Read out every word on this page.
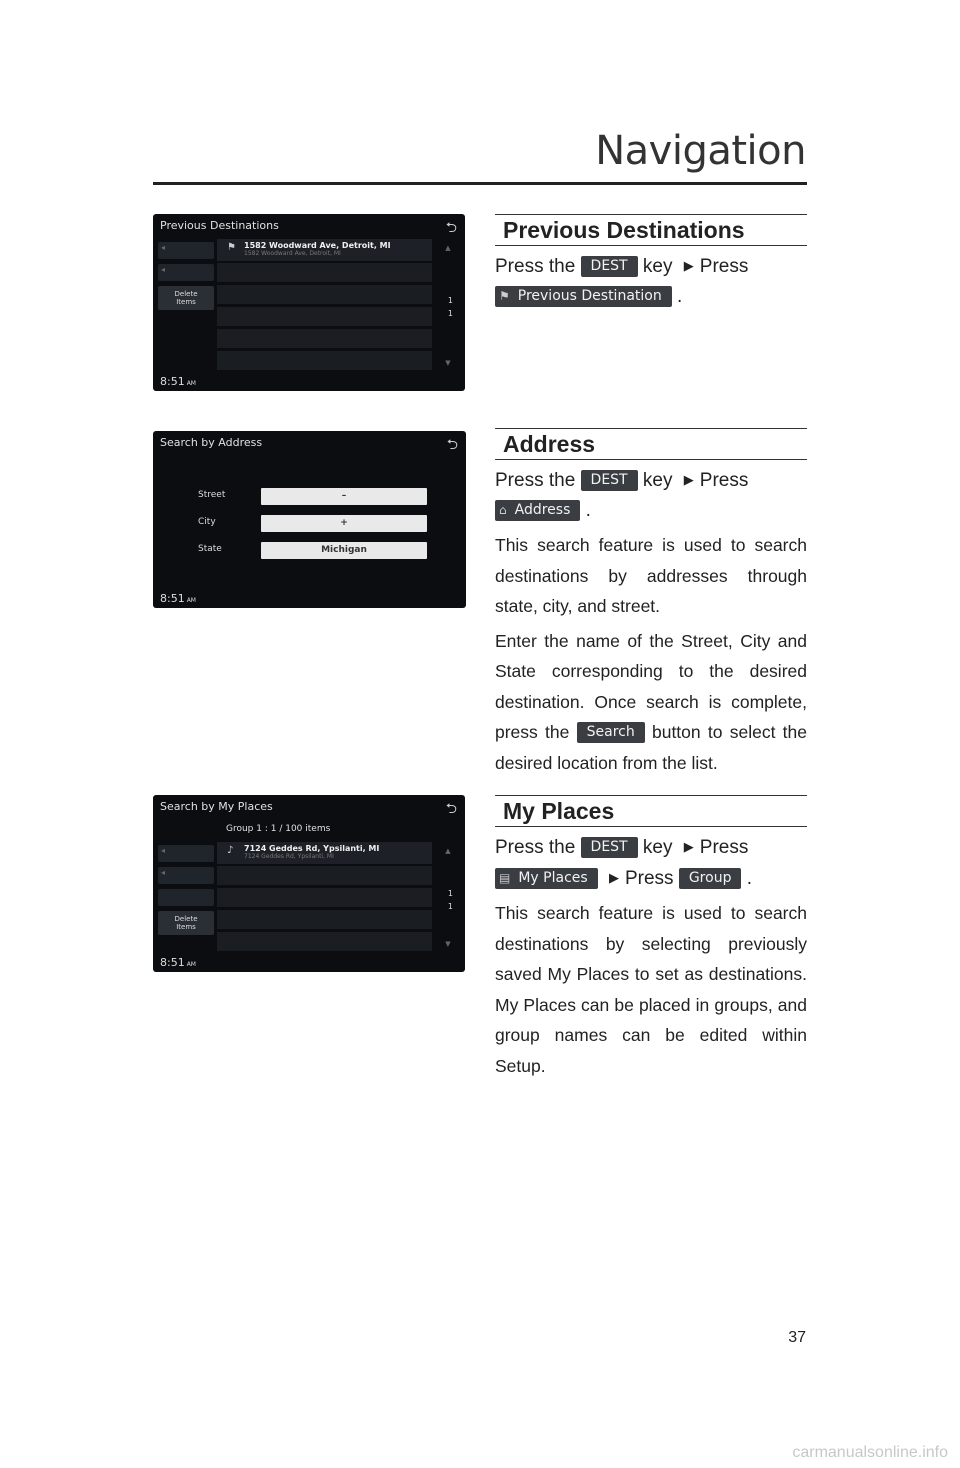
Navigation
Previous Destinations	⮌
◂
◂
Delete
Items
⚑ 1582 Woodward Ave, Detroit, MI
1582 Woodward Ave, Detroit, MI
▲
1
1
▼
8:51 AM
Search by Address	⮌
Street	–
City	+
State	Michigan
8:51 AM
Search by My Places	⮌
Group 1 : 1 / 100 items
◂
◂
Delete
Items
♪ 7124 Geddes Rd, Ypsilanti, MI
7124 Geddes Rd, Ypsilanti, MI
▲
1
1
▼
8:51 AM
Previous Destinations
Press the DEST key ▶ Press
⚑ Previous Destination .
Address
Press the DEST key ▶ Press
⌂ Address .

This search feature is used to search destinations by addresses through state, city, and street.

Enter the name of the Street, City and State corresponding to the desired destination. Once search is complete, press the Search button to select the desired location from the list.

My Places
Press the DEST key ▶ Press
▤ My Places ▶ Press Group .

This search feature is used to search destinations by selecting previously saved My Places to set as destinations. My Places can be placed in groups, and group names can be edited within Setup.

37
carmanualsonline.info
